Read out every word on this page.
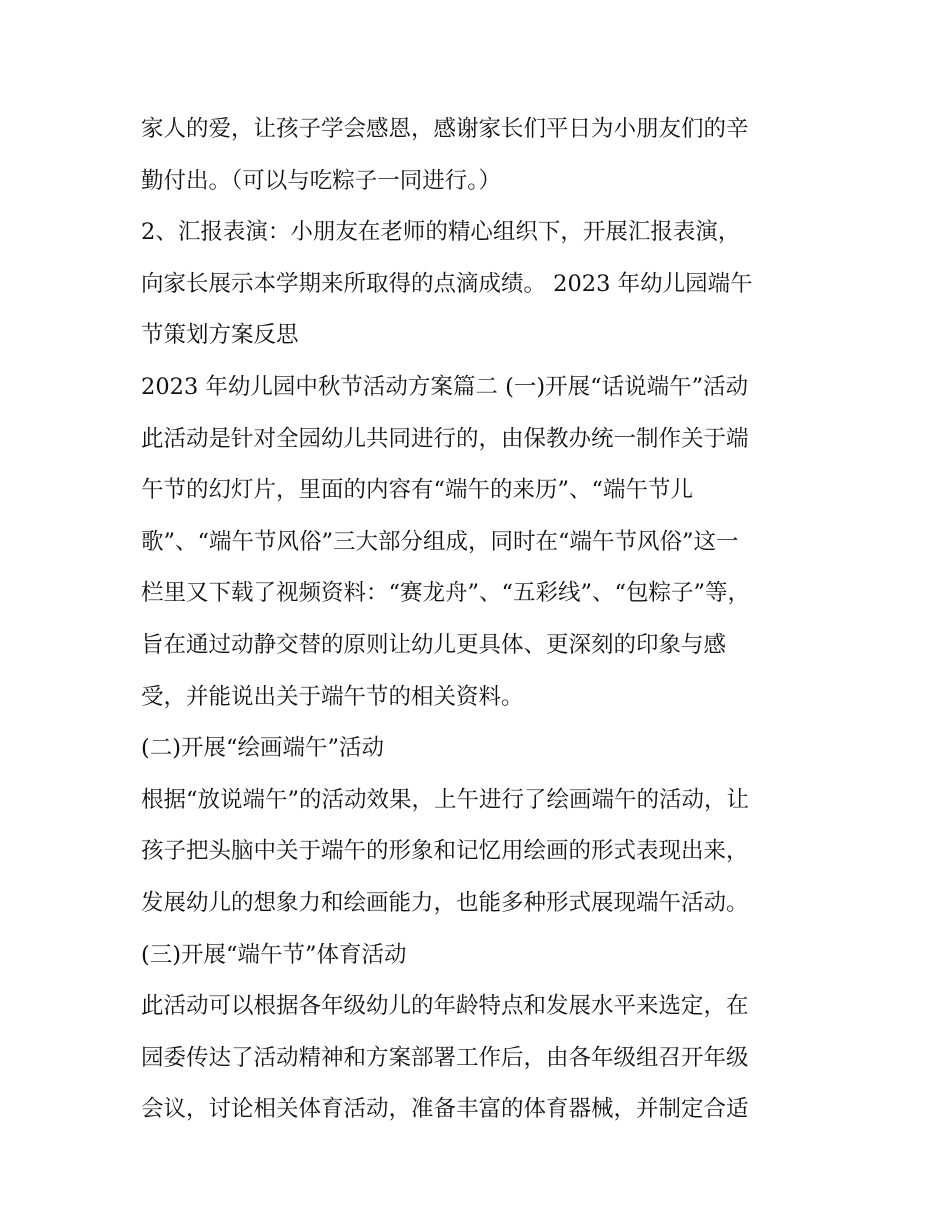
家人的爱，让孩子学会感恩，感谢家长们平日为小朋友们的辛
勤付出。（可以与吃粽子一同进行。）
2、汇报表演：小朋友在老师的精心组织下，开展汇报表演，
向家长展示本学期来所取得的点滴成绩。 2023 年幼儿园端午
节策划方案反思
2023 年幼儿园中秋节活动方案篇二 (一)开展“话说端午”活动
此活动是针对全园幼儿共同进行的，由保教办统一制作关于端
午节的幻灯片，里面的内容有“端午的来历”、“端午节儿
歌”、“端午节风俗”三大部分组成，同时在“端午节风俗”这一
栏里又下载了视频资料：“赛龙舟”、“五彩线”、“包粽子”等，
旨在通过动静交替的原则让幼儿更具体、更深刻的印象与感
受，并能说出关于端午节的相关资料。
(二)开展“绘画端午”活动
根据“放说端午”的活动效果，上午进行了绘画端午的活动，让
孩子把头脑中关于端午的形象和记忆用绘画的形式表现出来，
发展幼儿的想象力和绘画能力，也能多种形式展现端午活动。
(三)开展“端午节”体育活动
此活动可以根据各年级幼儿的年龄特点和发展水平来选定，在
园委传达了活动精神和方案部署工作后，由各年级组召开年级
会议，讨论相关体育活动，准备丰富的体育器械，并制定合适
